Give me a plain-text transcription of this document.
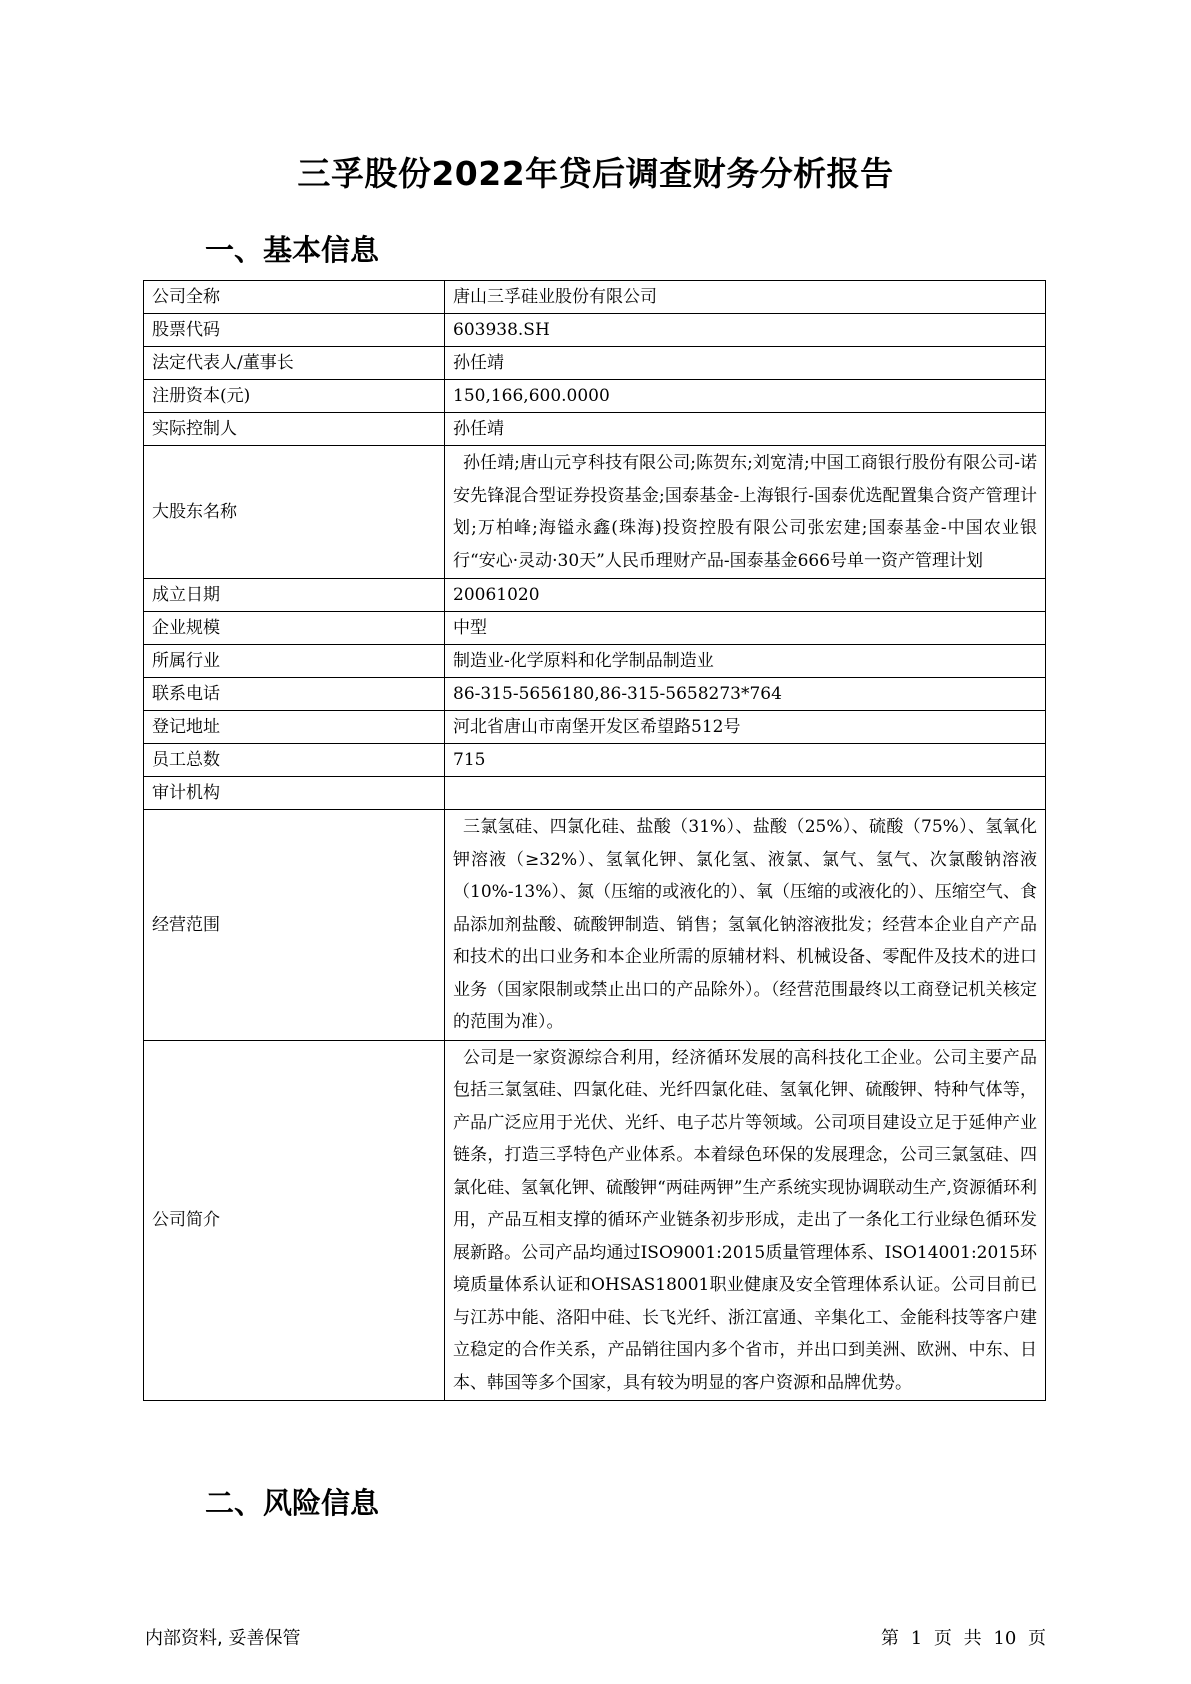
三孚股份2022年贷后调查财务分析报告
一、基本信息
公司全称	唐山三孚硅业股份有限公司
股票代码	603938.SH
法定代表人/董事长	孙任靖
注册资本(元)	150,166,600.0000
实际控制人	孙任靖
大股东名称	孙任靖;唐山元亨科技有限公司;陈贺东;刘宽清;中国工商银行股份有限公司-诺安先锋混合型证券投资基金;国泰基金-上海银行-国泰优选配置集合资产管理计划;万柏峰;海镒永鑫(珠海)投资控股有限公司张宏建;国泰基金-中国农业银行“安心·灵动·30天”人民币理财产品-国泰基金666号单一资产管理计划
成立日期	20061020
企业规模	中型
所属行业	制造业-化学原料和化学制品制造业
联系电话	86-315-5656180,86-315-5658273*764
登记地址	河北省唐山市南堡开发区希望路512号
员工总数	715
审计机构	
经营范围	三氯氢硅、四氯化硅、盐酸（31%）、盐酸（25%）、硫酸（75%）、氢氧化钾溶液（≥32%）、氢氧化钾、氯化氢、液氯、氯气、氢气、次氯酸钠溶液（10%-13%）、氮（压缩的或液化的）、氧（压缩的或液化的）、压缩空气、食品添加剂盐酸、硫酸钾制造、销售；氢氧化钠溶液批发；经营本企业自产产品和技术的出口业务和本企业所需的原辅材料、机械设备、零配件及技术的进口业务（国家限制或禁止出口的产品除外）。（经营范围最终以工商登记机关核定的范围为准）。
公司简介	公司是一家资源综合利用，经济循环发展的高科技化工企业。公司主要产品包括三氯氢硅、四氯化硅、光纤四氯化硅、氢氧化钾、硫酸钾、特种气体等，产品广泛应用于光伏、光纤、电子芯片等领域。公司项目建设立足于延伸产业链条，打造三孚特色产业体系。本着绿色环保的发展理念，公司三氯氢硅、四氯化硅、氢氧化钾、硫酸钾“两硅两钾”生产系统实现协调联动生产,资源循环利用，产品互相支撑的循环产业链条初步形成，走出了一条化工行业绿色循环发展新路。公司产品均通过ISO9001:2015质量管理体系、ISO14001:2015环境质量体系认证和OHSAS18001职业健康及安全管理体系认证。公司目前已与江苏中能、洛阳中硅、长飞光纤、浙江富通、辛集化工、金能科技等客户建立稳定的合作关系，产品销往国内多个省市，并出口到美洲、欧洲、中东、日本、韩国等多个国家，具有较为明显的客户资源和品牌优势。
二、风险信息
内部资料, 妥善保管	第 1 页 共 10 页
